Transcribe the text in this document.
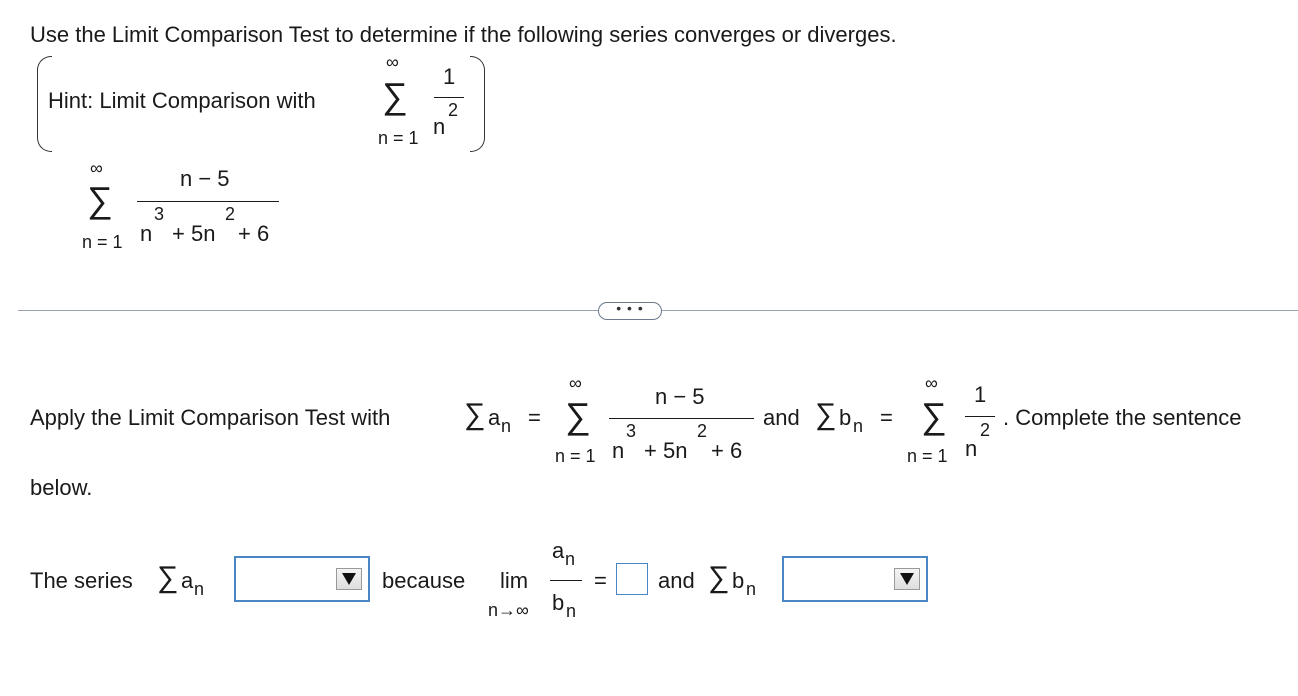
Use the Limit Comparison Test to determine if the following series converges or diverges.
Hint: Limit Comparison with
∞
∑
n = 1
1
2
n
∞
∑
n = 1
n − 5
n
3
+ 5n
2
+ 6
• • •
Apply the Limit Comparison Test with ∑ a n =
∞
∑
n = 1
n − 5
n
3
+ 5n
2
+ 6
and ∑ b n =
∞
∑
n = 1
1
2
n
. Complete the sentence
below.
The series ∑ a n	because lim
n→∞
a n
b n
= and ∑ b n
